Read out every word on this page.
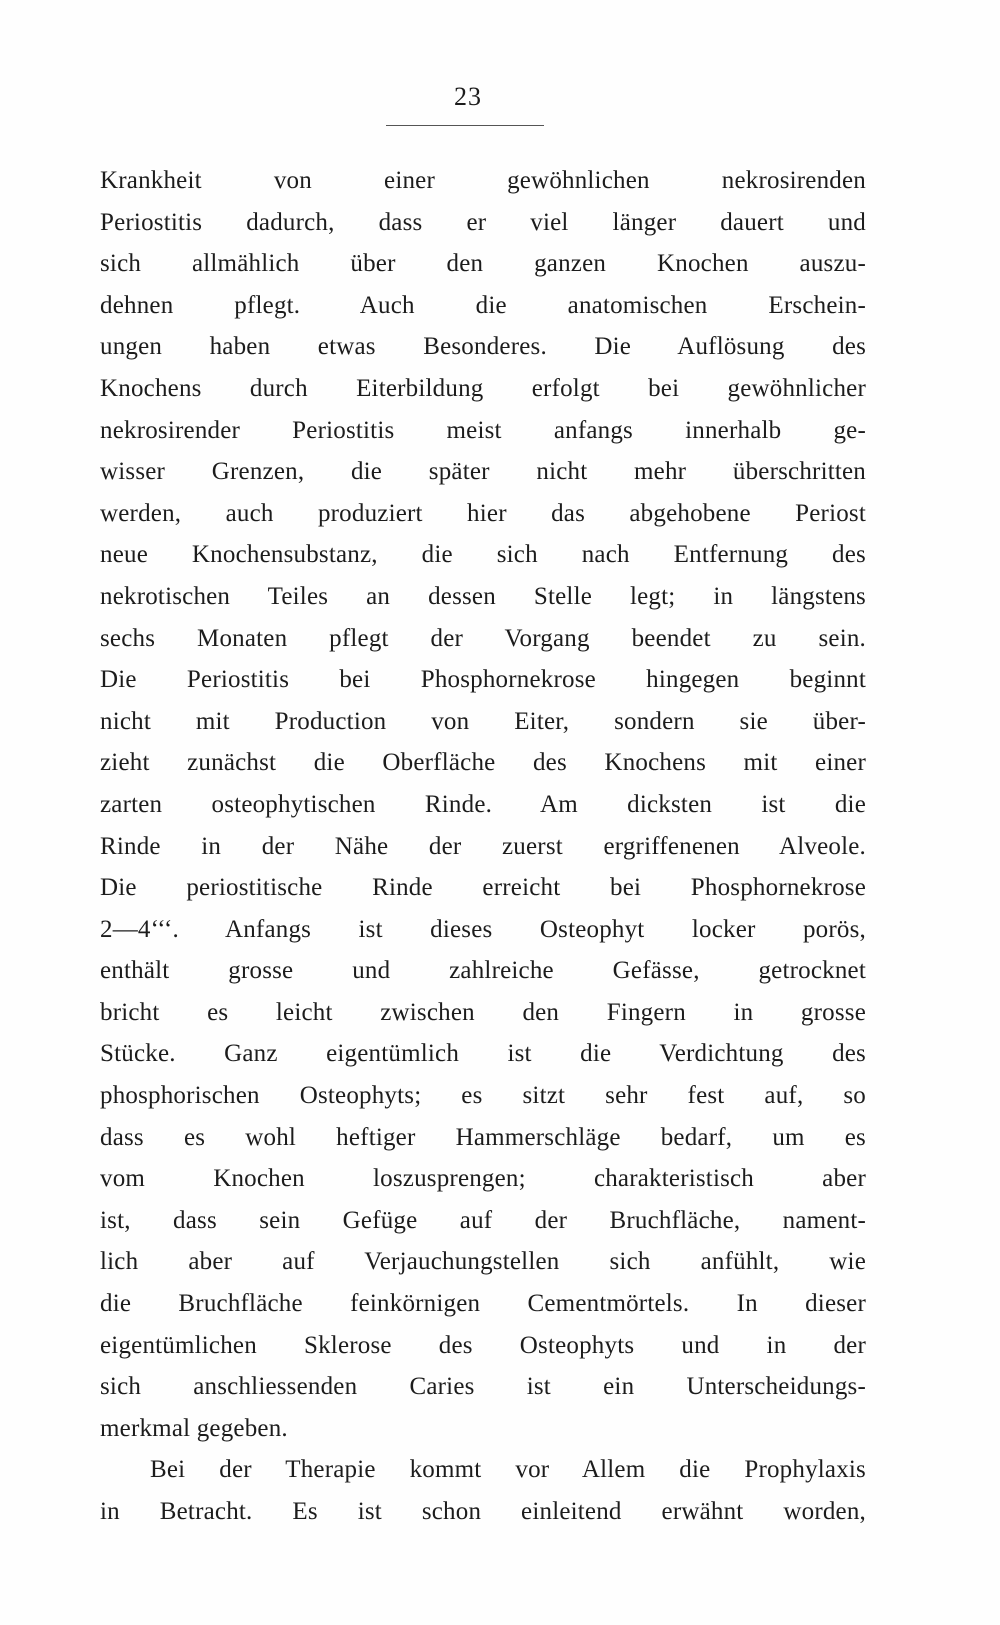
23
Krankheit von einer gewöhnlichen nekrosirenden
Periostitis dadurch, dass er viel länger dauert und
sich allmählich über den ganzen Knochen auszu-
dehnen pflegt. Auch die anatomischen Erschein-
ungen haben etwas Besonderes. Die Auflösung des
Knochens durch Eiterbildung erfolgt bei gewöhnlicher
nekrosirender Periostitis meist anfangs innerhalb ge-
wisser Grenzen, die später nicht mehr überschritten
werden, auch produziert hier das abgehobene Periost
neue Knochensubstanz, die sich nach Entfernung des
nekrotischen Teiles an dessen Stelle legt; in längstens
sechs Monaten pflegt der Vorgang beendet zu sein.
Die Periostitis bei Phosphornekrose hingegen beginnt
nicht mit Production von Eiter, sondern sie über-
zieht zunächst die Oberfläche des Knochens mit einer
zarten osteophytischen Rinde. Am dicksten ist die
Rinde in der Nähe der zuerst ergriffenenen Alveole.
Die periostitische Rinde erreicht bei Phosphornekrose
2—4‘‘‘. Anfangs ist dieses Osteophyt locker porös,
enthält grosse und zahlreiche Gefässe, getrocknet
bricht es leicht zwischen den Fingern in grosse
Stücke. Ganz eigentümlich ist die Verdichtung des
phosphorischen Osteophyts; es sitzt sehr fest auf, so
dass es wohl heftiger Hammerschläge bedarf, um es
vom Knochen loszusprengen; charakteristisch aber
ist, dass sein Gefüge auf der Bruchfläche, nament-
lich aber auf Verjauchungstellen sich anfühlt, wie
die Bruchfläche feinkörnigen Cementmörtels. In dieser
eigentümlichen Sklerose des Osteophyts und in der
sich anschliessenden Caries ist ein Unterscheidungs-
merkmal gegeben.
Bei der Therapie kommt vor Allem die Prophylaxis
in Betracht. Es ist schon einleitend erwähnt worden,
